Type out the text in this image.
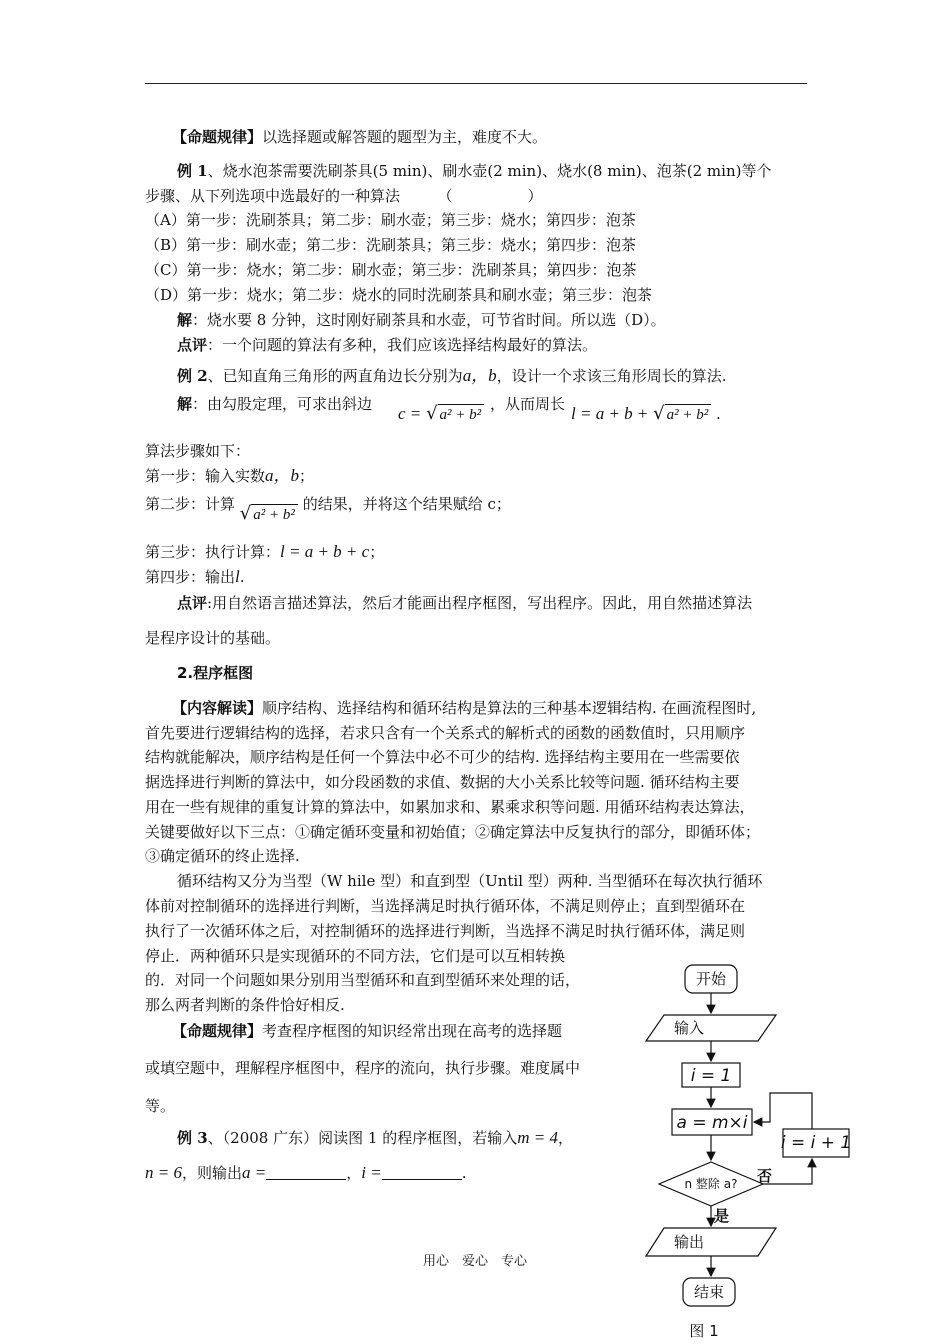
【命题规律】以选择题或解答题的题型为主，难度不大。
例 1、烧水泡茶需要洗刷茶具(5 min)、刷水壶(2 min)、烧水(8 min)、泡茶(2 min)等个
步骤、从下列选项中选最好的一种算法　　　（　　　　　）
（A）第一步：洗刷茶具；第二步：刷水壶；第三步：烧水；第四步：泡茶
（B）第一步：刷水壶；第二步：洗刷茶具；第三步：烧水；第四步：泡茶
（C）第一步：烧水；第二步：刷水壶；第三步：洗刷茶具；第四步：泡茶
（D）第一步：烧水；第二步：烧水的同时洗刷茶具和刷水壶；第三步：泡茶
解：烧水要 8 分钟，这时刚好刷茶具和水壶，可节省时间。所以选（D）。
点评：一个问题的算法有多种，我们应该选择结构最好的算法。
例 2、已知直角三角形的两直角边长分别为a，b，设计一个求该三角形周长的算法.
解：由勾股定理，可求出斜边 c = √ a² + b²
，从而周长 l = a + b + √ a² + b² .
算法步骤如下：
第一步：输入实数a，b；
第二步：计算 √ a² + b² 的结果，并将这个结果赋给 c；
第三步：执行计算：l = a + b + c；
第四步：输出l.
点评:用自然语言描述算法，然后才能画出程序框图，写出程序。因此，用自然描述算法
是程序设计的基础。
2.程序框图
【内容解读】顺序结构、选择结构和循环结构是算法的三种基本逻辑结构. 在画流程图时,
首先要进行逻辑结构的选择，若求只含有一个关系式的解析式的函数的函数值时，只用顺序
结构就能解决，顺序结构是任何一个算法中必不可少的结构. 选择结构主要用在一些需要依
据选择进行判断的算法中，如分段函数的求值、数据的大小关系比较等问题. 循环结构主要
用在一些有规律的重复计算的算法中，如累加求和、累乘求积等问题. 用循环结构表达算法，
关键要做好以下三点：①确定循环变量和初始值；②确定算法中反复执行的部分，即循环体；
③确定循环的终止选择.
循环结构又分为当型（W hile 型）和直到型（Until 型）两种. 当型循环在每次执行循环
体前对控制循环的选择进行判断，当选择满足时执行循环体，不满足则停止；直到型循环在
执行了一次循环体之后，对控制循环的选择进行判断，当选择不满足时执行循环体，满足则
停止．两种循环只是实现循环的不同方法，它们是可以互相转换
的．对同一个问题如果分别用当型循环和直到型循环来处理的话，
那么两者判断的条件恰好相反.
【命题规律】考查程序框图的知识经常出现在高考的选择题
或填空题中，理解程序框图中，程序的流向，执行步骤。难度属中
等。
例 3、（2008 广东）阅读图 1 的程序框图，若输入m = 4，
n = 6，则输出a =	，i =	.
开始
输入
i = 1
a = m×i
n 整除 a? 否
i = i + 1
是
输出
结束
图 1
用心　爱心　专心
